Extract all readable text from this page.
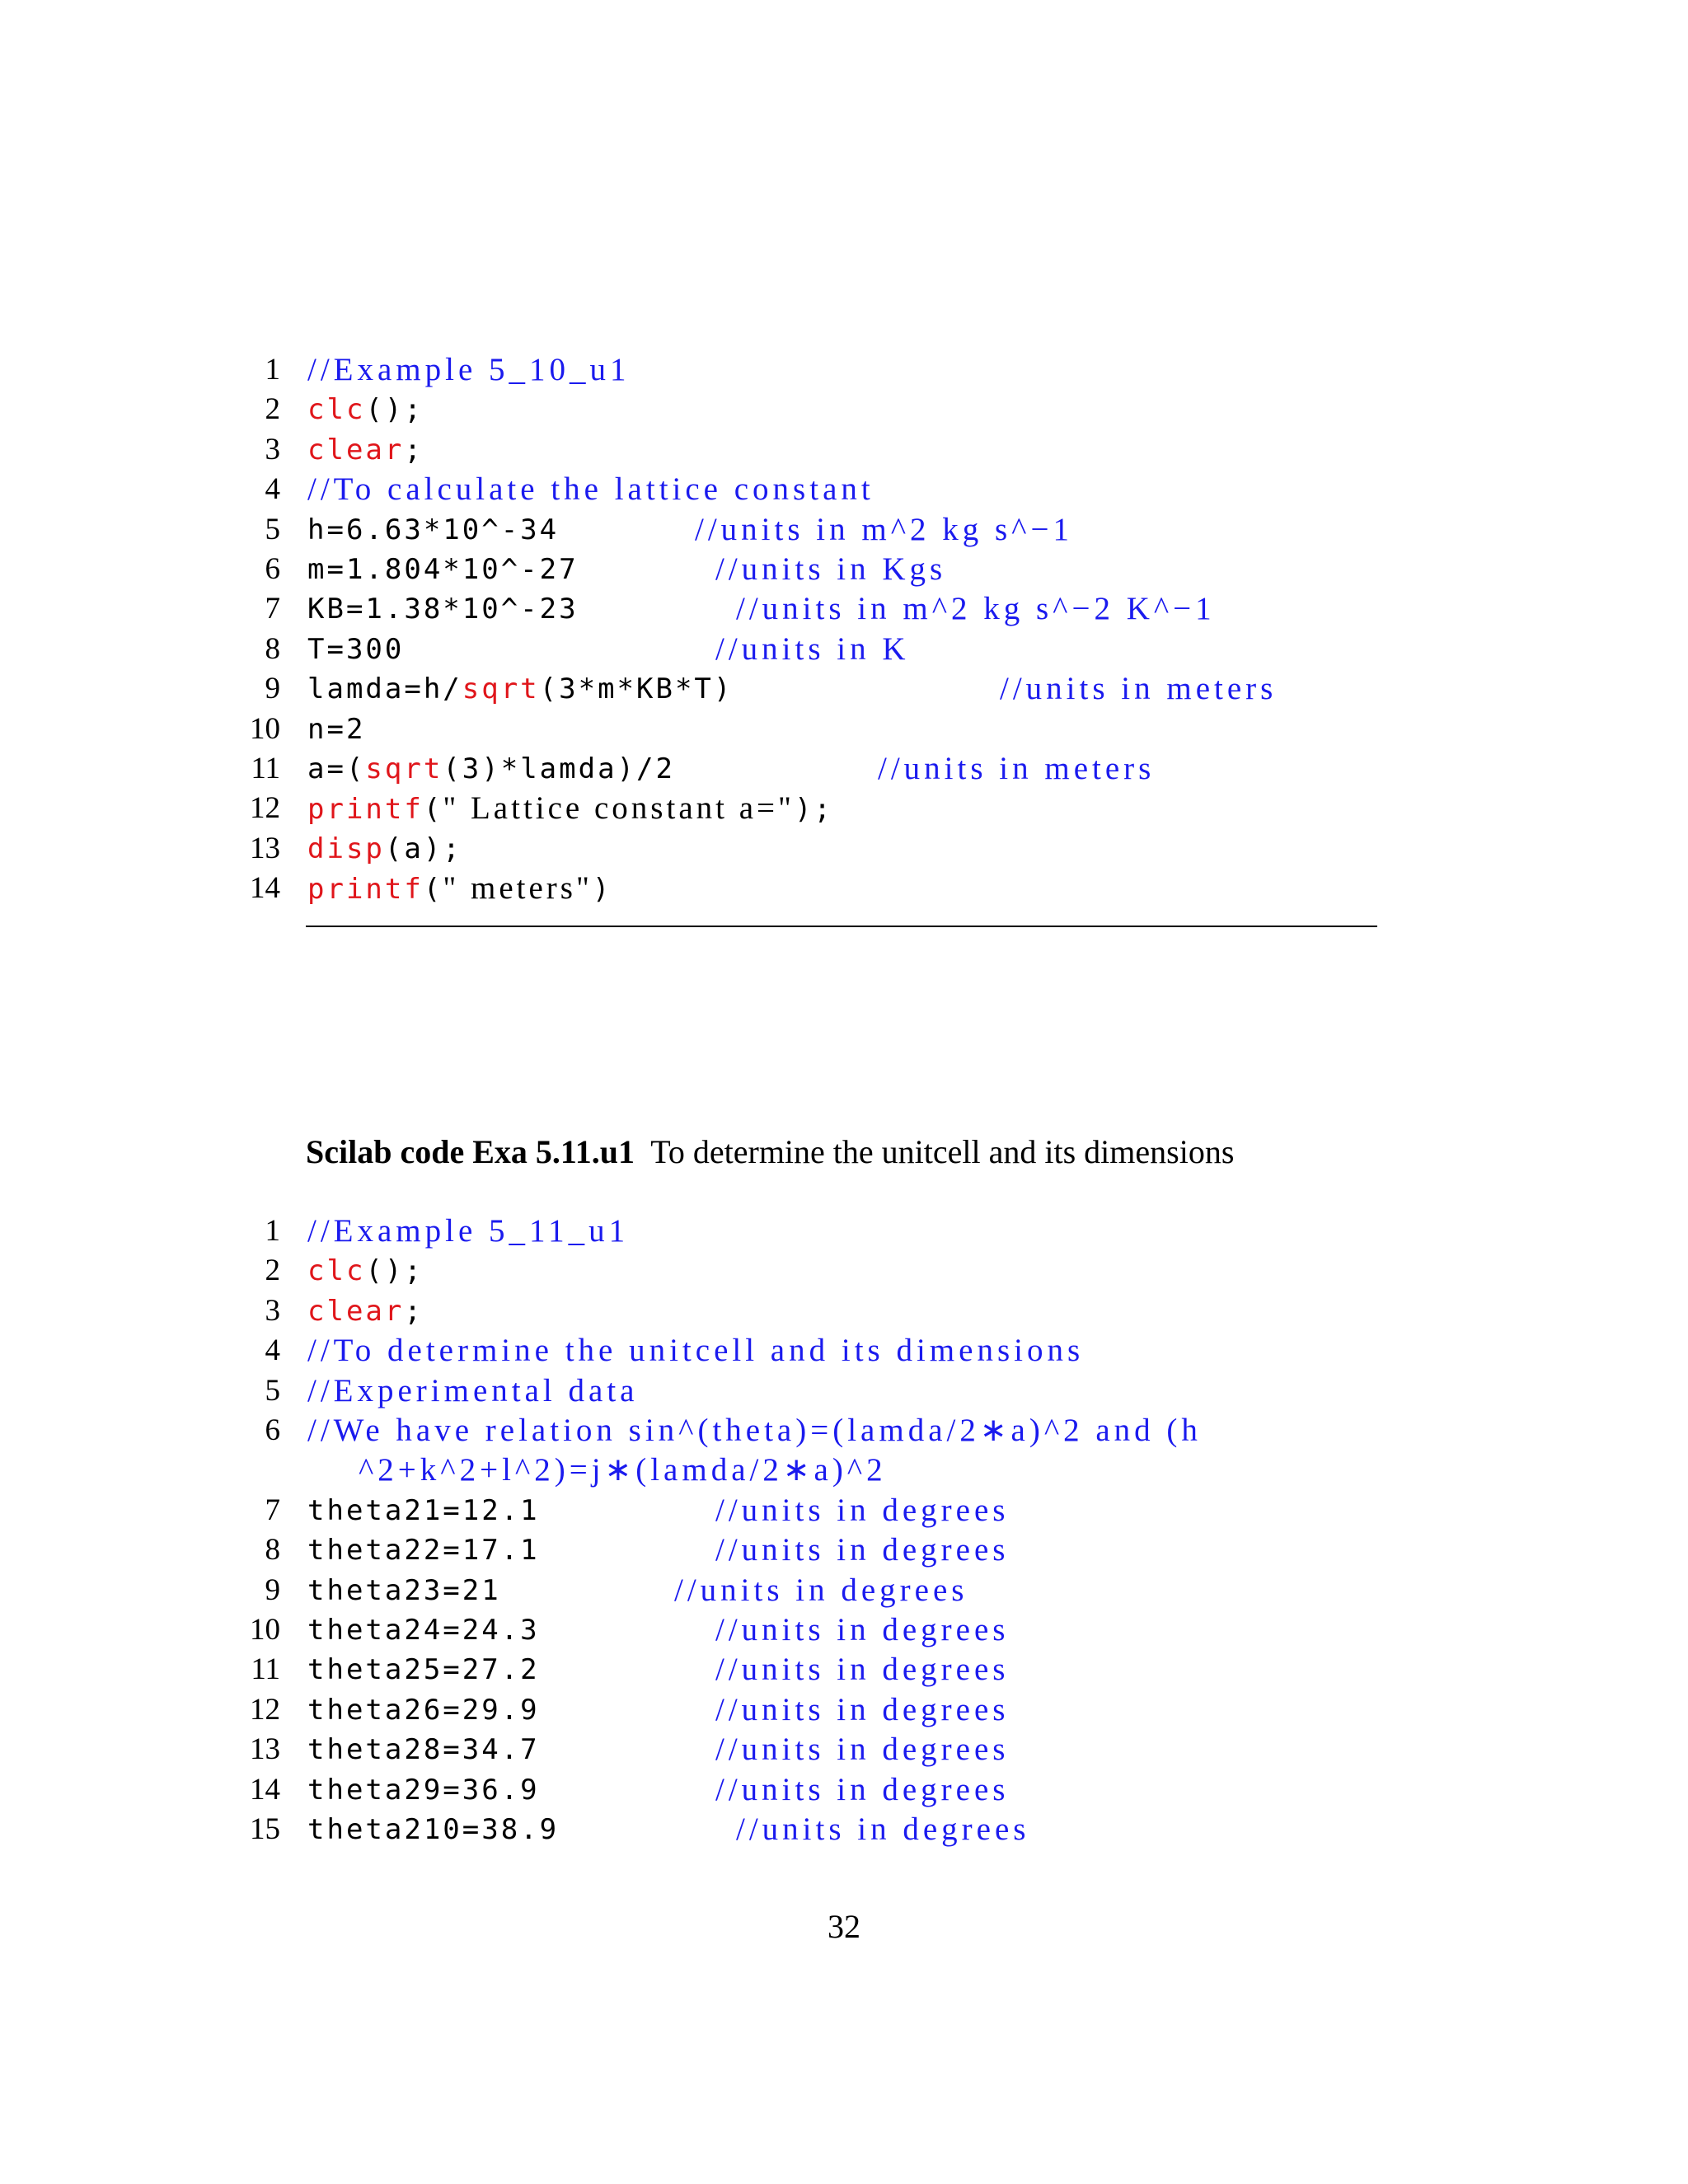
1 //Example 5_10_u1
2 clc();
3 clear;
4 //To calculate the lattice constant
5 h=6.63*10^-34	//units in m^2 kg s^−1
6 m=1.804*10^-27	//units in Kgs
7 KB=1.38*10^-23	//units in m^2 kg s^−2 K^−1
8 T=300	//units in K
9 lamda=h/sqrt(3*m*KB*T)	//units in meters
10 n=2
11 a=(sqrt(3)*lamda)/2	//units in meters
12 printf(" Lattice constant a=");
13 disp(a);
14 printf(" meters")
Scilab code Exa 5.11.u1 To determine the unitcell and its dimensions
1 //Example 5_11_u1
2 clc();
3 clear;
4 //To determine the unitcell and its dimensions
5 //Experimental data
6 //We have relation sin^(theta)=(lamda/2∗a)^2 and (h
^2+k^2+l^2)=j∗(lamda/2∗a)^2
7 theta21=12.1	//units in degrees
8 theta22=17.1	//units in degrees
9 theta23=21	//units in degrees
10 theta24=24.3	//units in degrees
11 theta25=27.2	//units in degrees
12 theta26=29.9	//units in degrees
13 theta28=34.7	//units in degrees
14 theta29=36.9	//units in degrees
15 theta210=38.9	//units in degrees
32
